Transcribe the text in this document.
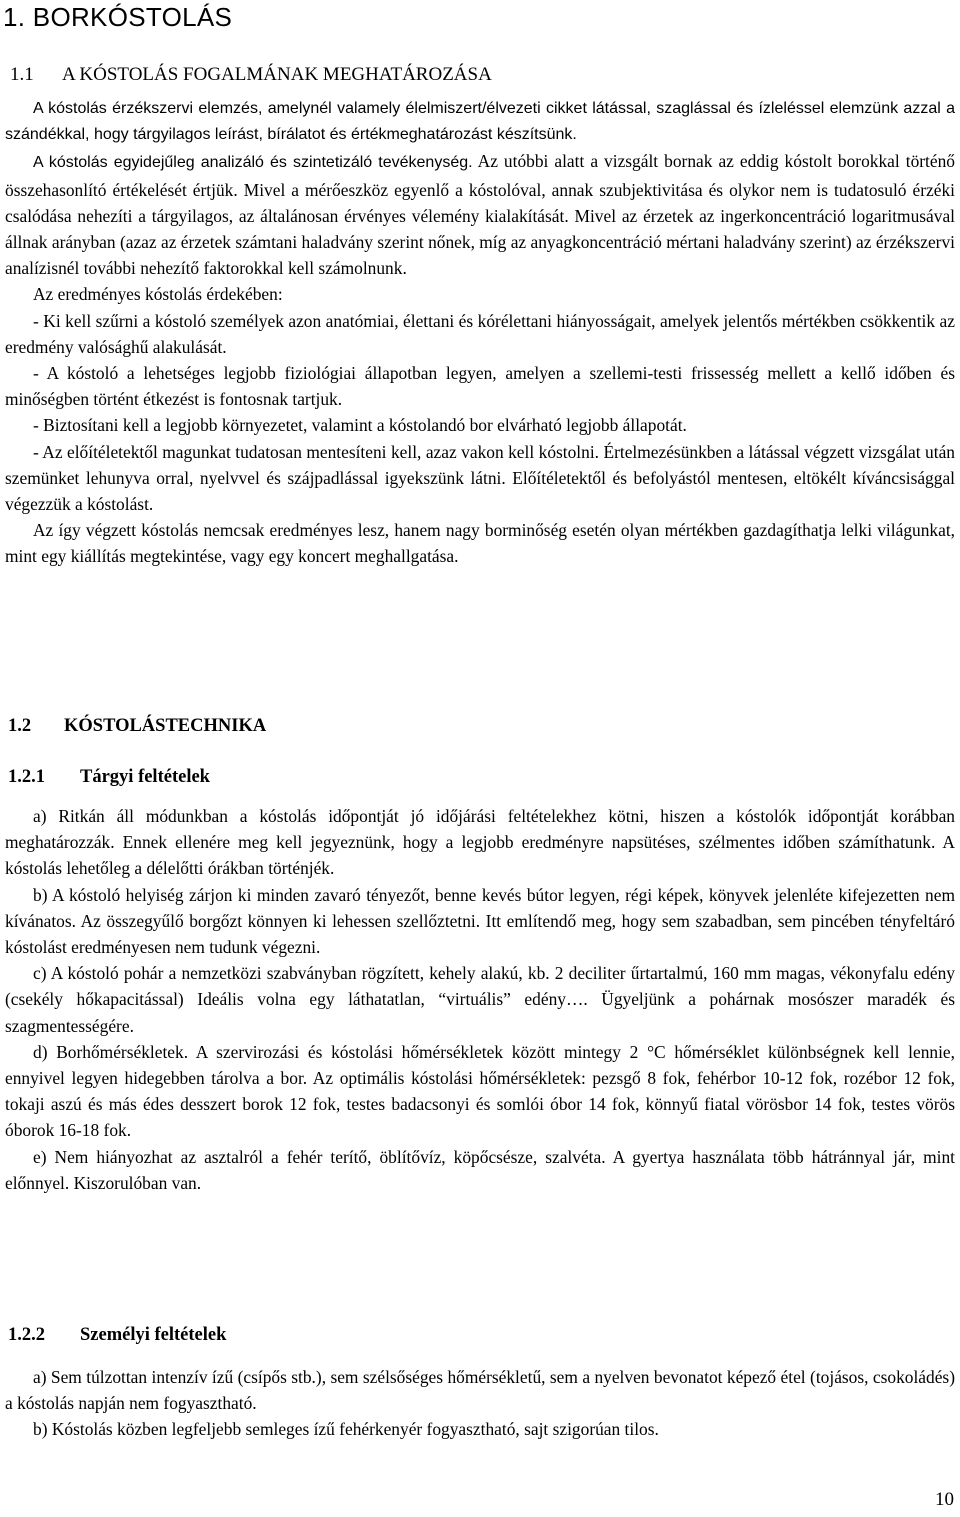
1. BORKÓSTOLÁS
1.1 A KÓSTOLÁS FOGALMÁNAK MEGHATÁROZÁSA

A kóstolás érzékszervi elemzés, amelynél valamely élelmiszert/élvezeti cikket látással, szaglással és ízleléssel elemzünk azzal a szándékkal, hogy tárgyilagos leírást, bírálatot és értékmeghatározást készítsünk.

A kóstolás egyidejűleg analizáló és szintetizáló tevékenység. Az utóbbi alatt a vizsgált bornak az eddig kóstolt borokkal történő összehasonlító értékelését értjük. Mivel a mérőeszköz egyenlő a kóstolóval, annak szubjektivitása és olykor nem is tudatosuló érzéki csalódása nehezíti a tárgyilagos, az általánosan érvényes vélemény kialakítását. Mivel az érzetek az ingerkoncentráció logaritmusával állnak arányban (azaz az érzetek számtani haladvány szerint nőnek, míg az anyagkoncentráció mértani haladvány szerint) az érzékszervi analízisnél további nehezítő faktorokkal kell számolnunk.

Az eredményes kóstolás érdekében:

- Ki kell szűrni a kóstoló személyek azon anatómiai, élettani és kórélettani hiányosságait, amelyek jelentős mértékben csökkentik az eredmény valósághű alakulását.

- A kóstoló a lehetséges legjobb fiziológiai állapotban legyen, amelyen a szellemi-testi frissesség mellett a kellő időben és minőségben történt étkezést is fontosnak tartjuk.

- Biztosítani kell a legjobb környezetet, valamint a kóstolandó bor elvárható legjobb állapotát.

- Az előítéletektől magunkat tudatosan mentesíteni kell, azaz vakon kell kóstolni. Értelmezésünkben a látással végzett vizsgálat után szemünket lehunyva orral, nyelvvel és szájpadlással igyekszünk látni. Előítéletektől és befolyástól mentesen, eltökélt kíváncsisággal végezzük a kóstolást.

Az így végzett kóstolás nemcsak eredményes lesz, hanem nagy borminőség esetén olyan mértékben gazdagíthatja lelki világunkat, mint egy kiállítás megtekintése, vagy egy koncert meghallgatása.

1.2 KÓSTOLÁSTECHNIKA
1.2.1 Tárgyi feltételek

a) Ritkán áll módunkban a kóstolás időpontját jó időjárási feltételekhez kötni, hiszen a kóstolók időpontját korábban meghatározzák. Ennek ellenére meg kell jegyeznünk, hogy a legjobb eredményre napsütéses, szélmentes időben számíthatunk. A kóstolás lehetőleg a délelőtti órákban történjék.

b) A kóstoló helyiség zárjon ki minden zavaró tényezőt, benne kevés bútor legyen, régi képek, könyvek jelenléte kifejezetten nem kívánatos. Az összegyűlő borgőzt könnyen ki lehessen szellőztetni. Itt említendő meg, hogy sem szabadban, sem pincében tényfeltáró kóstolást eredményesen nem tudunk végezni.

c) A kóstoló pohár a nemzetközi szabványban rögzített, kehely alakú, kb. 2 deciliter űrtartalmú, 160 mm magas, vékonyfalu edény (csekély hőkapacitással) Ideális volna egy láthatatlan, “virtuális” edény…. Ügyeljünk a pohárnak mosószer maradék és szagmentességére.

d) Borhőmérsékletek. A szervirozási és kóstolási hőmérsékletek között mintegy 2 °C hőmérséklet különbségnek kell lennie, ennyivel legyen hidegebben tárolva a bor. Az optimális kóstolási hőmérsékletek: pezsgő 8 fok, fehérbor 10-12 fok, rozébor 12 fok, tokaji aszú és más édes desszert borok 12 fok, testes badacsonyi és somlói óbor 14 fok, könnyű fiatal vörösbor 14 fok, testes vörös óborok 16-18 fok.

e) Nem hiányozhat az asztalról a fehér terítő, öblítővíz, köpőcsésze, szalvéta. A gyertya használata több hátránnyal jár, mint előnnyel. Kiszorulóban van.

1.2.2 Személyi feltételek

a) Sem túlzottan intenzív ízű (csípős stb.), sem szélsőséges hőmérsékletű, sem a nyelven bevonatot képező étel (tojásos, csokoládés) a kóstolás napján nem fogyasztható.

b) Kóstolás közben legfeljebb semleges ízű fehérkenyér fogyasztható, sajt szigorúan tilos.

10
